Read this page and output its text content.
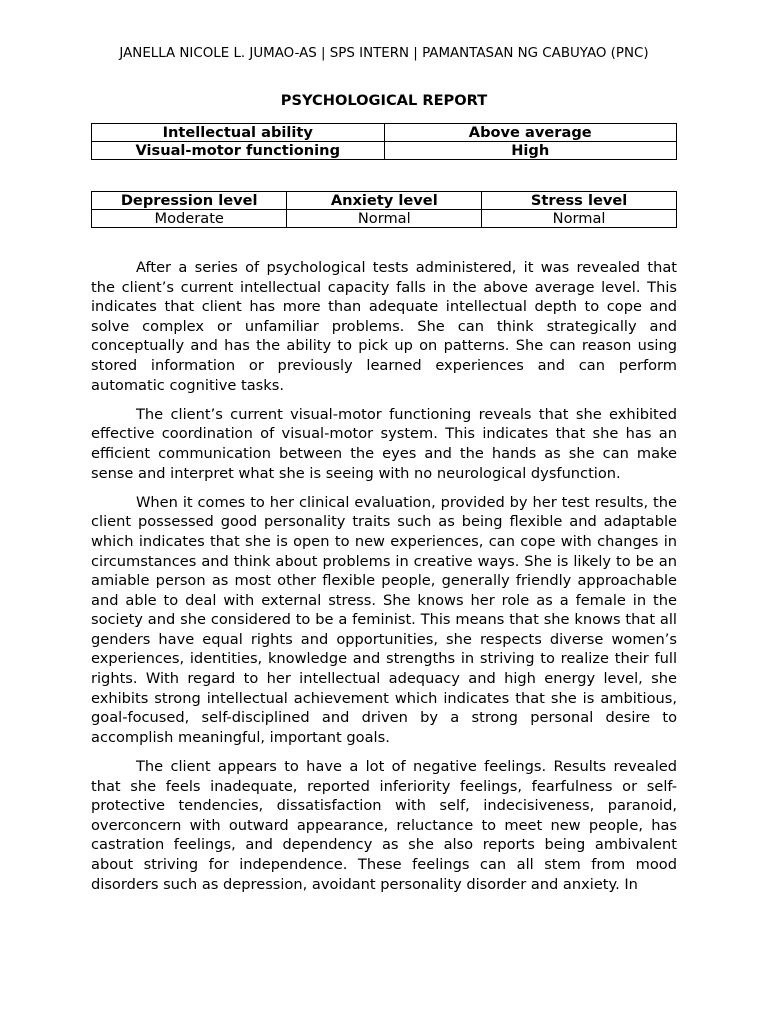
JANELLA NICOLE L. JUMAO-AS | SPS INTERN | PAMANTASAN NG CABUYAO (PNC)
PSYCHOLOGICAL REPORT
Intellectual ability	Above average
Visual-motor functioning	High
Depression level	Anxiety level	Stress level
Moderate	Normal	Normal

After a series of psychological tests administered, it was revealed that the client’s current intellectual capacity falls in the above average level. This indicates that client has more than adequate intellectual depth to cope and solve complex or unfamiliar problems. She can think strategically and conceptually and has the ability to pick up on patterns. She can reason using stored information or previously learned experiences and can perform automatic cognitive tasks.

The client’s current visual-motor functioning reveals that she exhibited effective coordination of visual-motor system. This indicates that she has an efficient communication between the eyes and the hands as she can make sense and interpret what she is seeing with no neurological dysfunction.

When it comes to her clinical evaluation, provided by her test results, the client possessed good personality traits such as being flexible and adaptable which indicates that she is open to new experiences, can cope with changes in circumstances and think about problems in creative ways. She is likely to be an amiable person as most other flexible people, generally friendly approachable and able to deal with external stress. She knows her role as a female in the society and she considered to be a feminist. This means that she knows that all genders have equal rights and opportunities, she respects diverse women’s experiences, identities, knowledge and strengths in striving to realize their full rights. With regard to her intellectual adequacy and high energy level, she exhibits strong intellectual achievement which indicates that she is ambitious, goal-focused, self-disciplined and driven by a strong personal desire to accomplish meaningful, important goals.

The client appears to have a lot of negative feelings. Results revealed that she feels inadequate, reported inferiority feelings, fearfulness or self-protective tendencies, dissatisfaction with self, indecisiveness, paranoid, overconcern with outward appearance, reluctance to meet new people, has castration feelings, and dependency as she also reports being ambivalent about striving for independence. These feelings can all stem from mood disorders such as depression, avoidant personality disorder and anxiety. In
